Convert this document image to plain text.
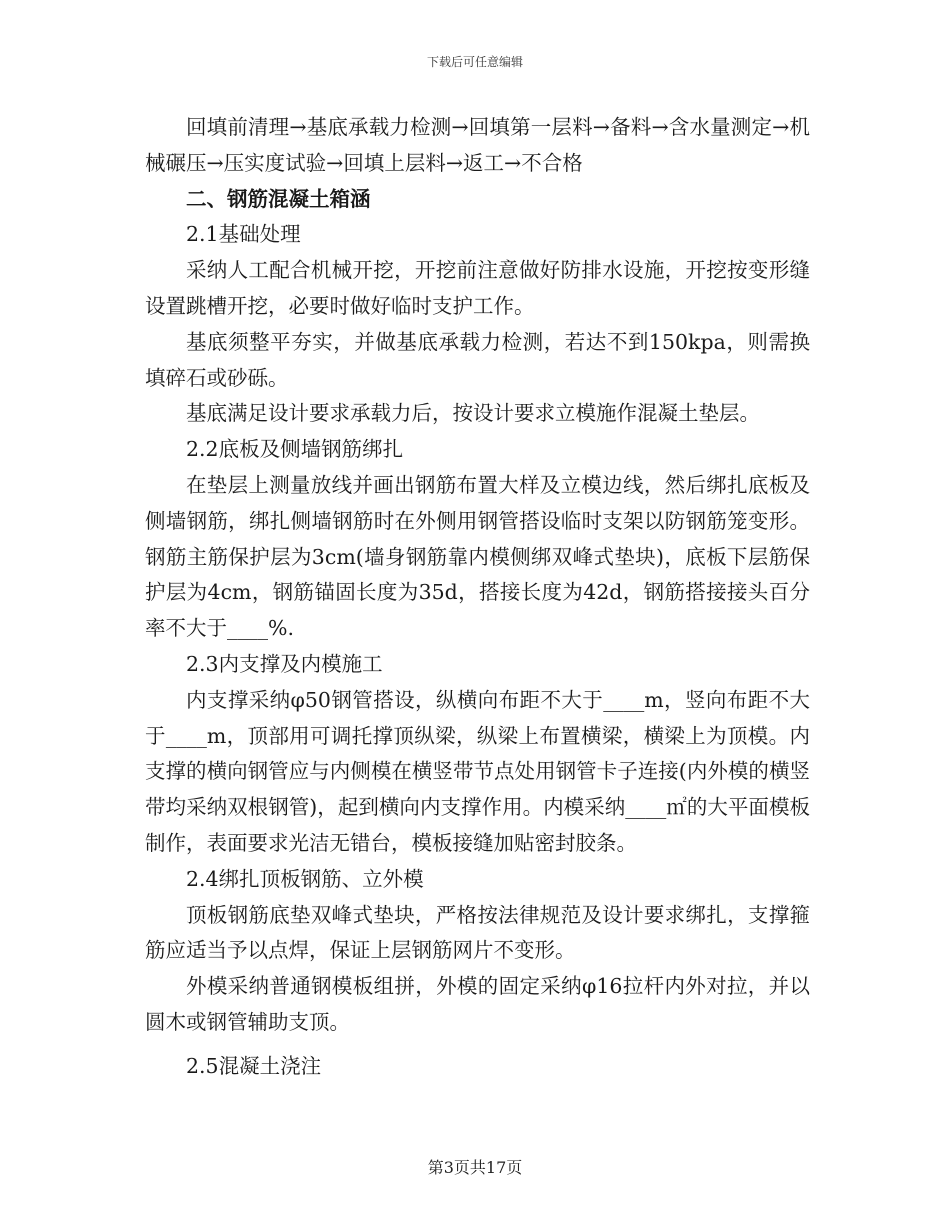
下载后可任意编辑

回填前清理→基底承载力检测→回填第一层料→备料→含水量测定→机械碾压→压实度试验→回填上层料→返工→不合格

二、钢筋混凝土箱涵

2.1基础处理

采纳人工配合机械开挖，开挖前注意做好防排水设施，开挖按变形缝设置跳槽开挖，必要时做好临时支护工作。

基底须整平夯实，并做基底承载力检测，若达不到150kpa，则需换填碎石或砂砾。

基底满足设计要求承载力后，按设计要求立模施作混凝土垫层。

2.2底板及侧墙钢筋绑扎

在垫层上测量放线并画出钢筋布置大样及立模边线，然后绑扎底板及侧墙钢筋，绑扎侧墙钢筋时在外侧用钢管搭设临时支架以防钢筋笼变形。钢筋主筋保护层为3cm(墙身钢筋靠内模侧绑双峰式垫块)，底板下层筋保护层为4cm，钢筋锚固长度为35d，搭接长度为42d，钢筋搭接接头百分率不大于____%.

2.3内支撑及内模施工

内支撑采纳φ50钢管搭设，纵横向布距不大于____m，竖向布距不大于____m，顶部用可调托撑顶纵梁，纵梁上布置横梁，横梁上为顶模。内支撑的横向钢管应与内侧模在横竖带节点处用钢管卡子连接(内外模的横竖带均采纳双根钢管)，起到横向内支撑作用。内模采纳____㎡的大平面模板制作，表面要求光洁无错台，模板接缝加贴密封胶条。

2.4绑扎顶板钢筋、立外模

顶板钢筋底垫双峰式垫块，严格按法律规范及设计要求绑扎，支撑箍筋应适当予以点焊，保证上层钢筋网片不变形。

外模采纳普通钢模板组拼，外模的固定采纳φ16拉杆内外对拉，并以圆木或钢管辅助支顶。

2.5混凝土浇注

第3页共17页
